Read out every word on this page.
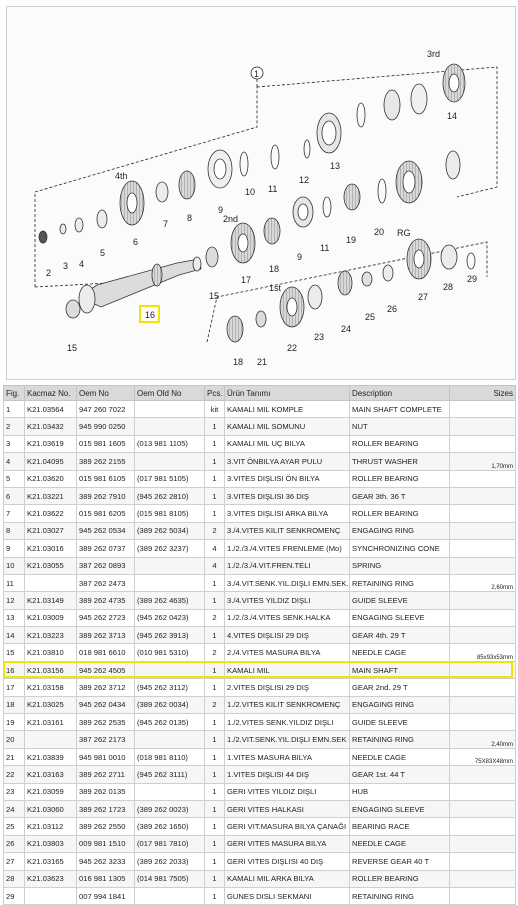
1
2
3 4
5
6
7
8
9
10 11
12
13
14
15
15
17
18
18
9
11
19
20
21
22
23
24
25
26
27
28
29
3rd
4th
2nd
1st
RG
16
Fig.	Kacmaz No.	Oem No	Oem Old No	Pcs.	Ürün Tanımı	Description	Sizes
1	K21.03564	947 260 7022		kit	KAMALI MIL KOMPLE	MAIN SHAFT COMPLETE	
2	K21.03432	945 990 0250		1	KAMALI MIL SOMUNU	NUT	
3	K21.03619	015 981 1605	(013 981 1105)	1	KAMALI MIL UÇ BILYA	ROLLER BEARING	
4	K21.04095	389 262 2155		1	3.VIT ÖNBILYA AYAR PULU	THRUST WASHER	1,70mm
5	K21.03620	015 981 6105	(017 981 5105)	1	3.VITES DIŞLISI ÖN BILYA	ROLLER BEARING	
6	K21.03221	389 262 7910	(945 262 2810)	1	3.VITES DIŞLISI 36 DIŞ	GEAR 3th. 36 T	
7	K21.03622	015 981 6205	(015 981 8105)	1	3.VITES DIŞLISI ARKA BILYA	ROLLER BEARING	
8	K21.03027	945 262 0534	(389 262 5034)	2	3./4.VITES KILIT SENKROMENÇ	ENGAGING RING	
9	K21.03016	389 262 0737	(389 262 3237)	4	1./2./3./4.VITES FRENLEME (Mo)	SYNCHRONIZING CONE	
10	K21.03055	387 262 0893		4	1./2./3./4.VIT.FREN.TELI	SPRING	
11		387 262 2473		1	3./4.VIT.SENK.YIL.DIŞLI EMN.SEK.	RETAINING RING	2,60mm
12	K21.03149	389 262 4735	(389 262 4635)	1	3./4.VITES YILDIZ DIŞLI	GUIDE SLEEVE	
13	K21.03009	945 262 2723	(945 262 0423)	2	1./2./3./4.VITES SENK.HALKA	ENGAGING SLEEVE	
14	K21.03223	389 262 3713	(945 262 3913)	1	4.VITES DIŞLISI 29 DIŞ	GEAR 4th. 29 T	
15	K21.03810	018 981 6610	(010 981 5310)	2	2./4.VITES MASURA BILYA	NEEDLE CAGE	85x93x53mm
16	K21.03156	945 262 4505		1	KAMALI MIL	MAIN SHAFT	
17	K21.03158	389 262 3712	(945 262 3112)	1	2.VITES DIŞLISI 29 DIŞ	GEAR 2nd. 29 T	
18	K21.03025	945 262 0434	(389 262 0034)	2	1./2.VITES KILIT SENKROMENÇ	ENGAGING RING	
19	K21.03161	389 262 2535	(945 262 0135)	1	1./2.VITES SENK.YILDIZ DIŞLI	GUIDE SLEEVE	
20		387 262 2173		1	1./2.VIT.SENK.YIL.DIŞLI EMN.SEK	RETAINING RING	2,40mm
21	K21.03839	945 981 0010	(018 981 8110)	1	1.VITES MASURA BILYA	NEEDLE CAGE	75X83X48mm
22	K21.03163	389 262 2711	(945 262 3111)	1	1.VITES DIŞLISI 44 DIŞ	GEAR 1st. 44 T	
23	K21.03059	389 262 0135		1	GERI VITES YILDIZ DIŞLI	HUB	
24	K21.03060	389 262 1723	(389 262 0023)	1	GERI VITES HALKASI	ENGAGING SLEEVE	
25	K21.03112	389 262 2550	(389 262 1650)	1	GERI VIT.MASURA BILYA ÇANAĞI	BEARING RACE	
26	K21.03803	009 981 1510	(017 981 7810)	1	GERI VITES MASURA BILYA	NEEDLE CAGE	
27	K21.03165	945 262 3233	(389 262 2033)	1	GERI VITES DIŞLISI 40 DIŞ	REVERSE GEAR 40 T	
28	K21.03623	016 981 1305	(014 981 7505)	1	KAMALI MIL ARKA BILYA	ROLLER BEARING	
29		007 994 1841		1	GUNES DISLI SEKMANI	RETAINING RING	
